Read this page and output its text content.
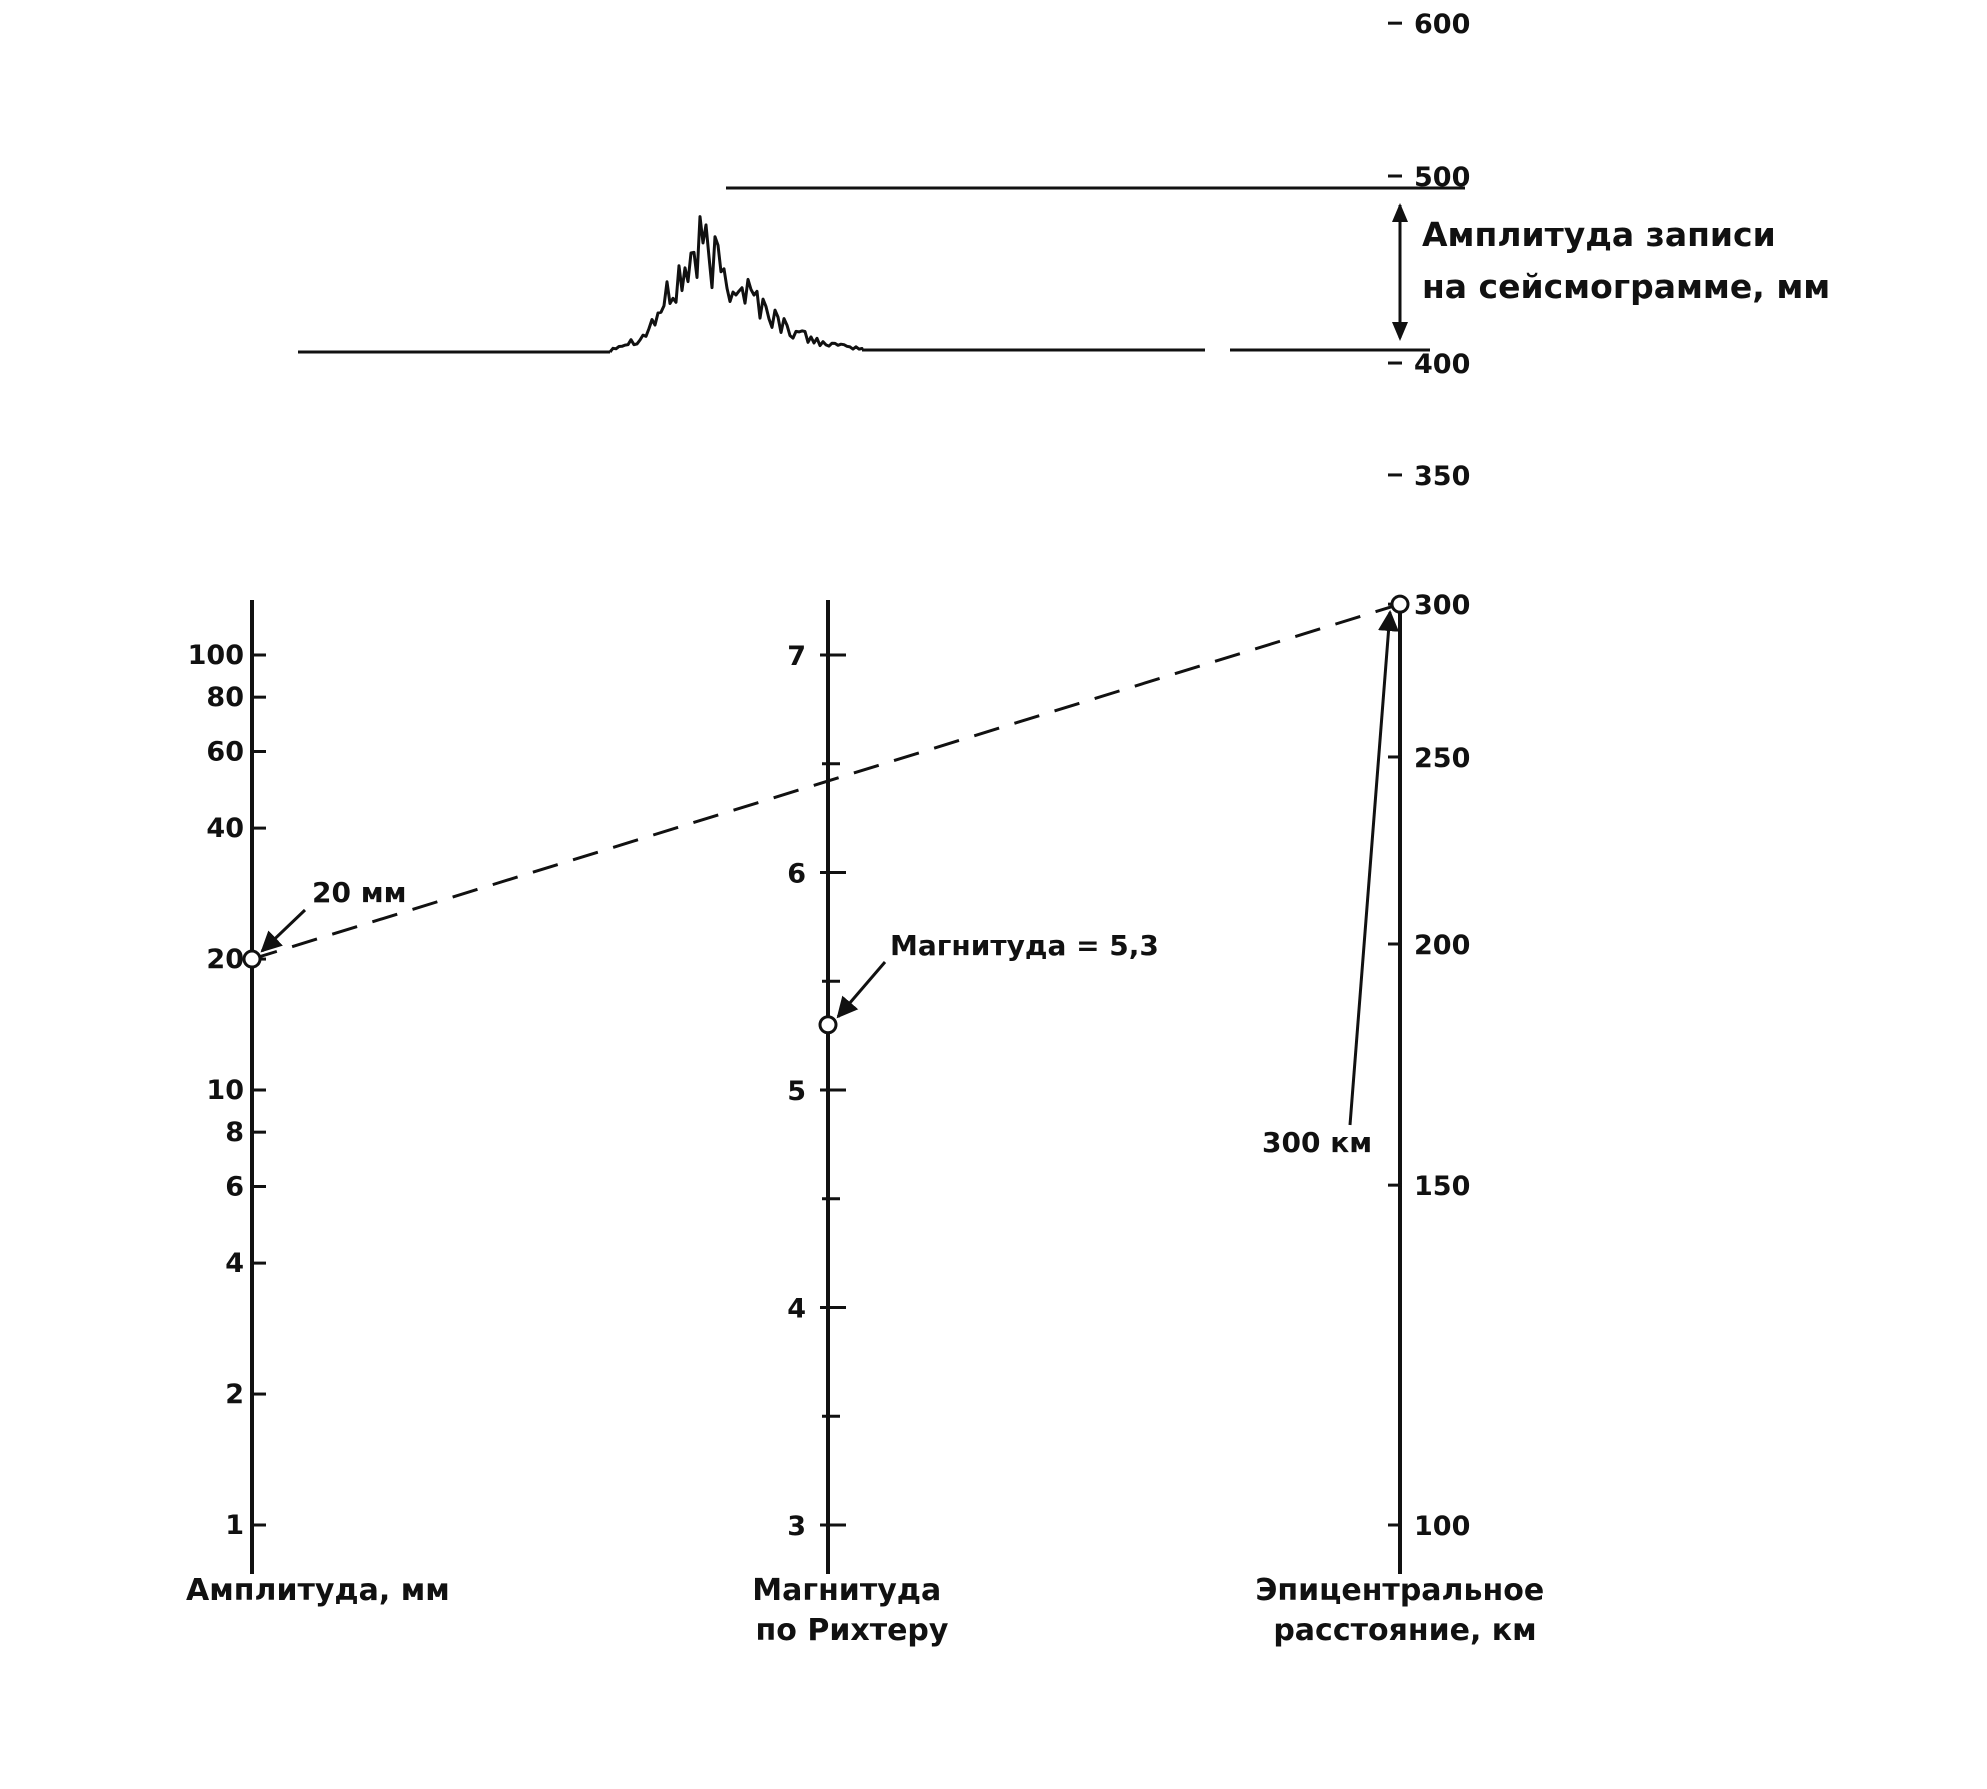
Амплитуда записи на сейсмограмме, мм
1
2
4
6
8
10
20
40
60
80
100
3
4
5
6
7
100
150
200
250
300
350
400
500
600
20 мм
Магнитуда = 5,3
300 км
Амплитуда, мм	Магнитуда по Рихтеру
Эпицентральное расстояние, км
